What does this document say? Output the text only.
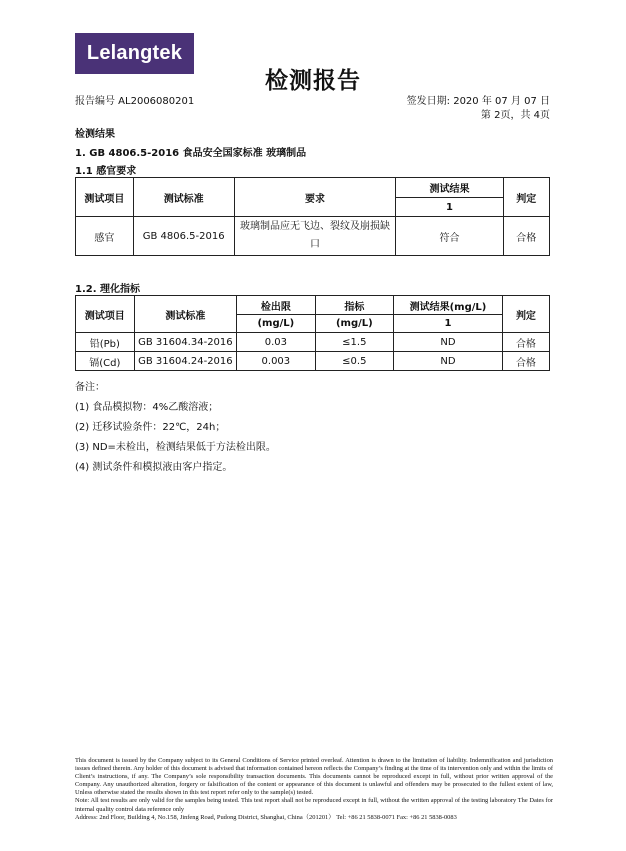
Lelangtek
检测报告
报告编号 AL2006080201	签发日期: 2020 年 07 月 07 日
第 2页，共 4页
检测结果
1. GB 4806.5-2016 食品安全国家标准 玻璃制品
1.1 感官要求
测试项目	测试标准	要求	测试结果	判定
			1	
感官	GB 4806.5-2016	玻璃制品应无飞边、裂纹及崩损缺口	符合	合格
1.2. 理化指标
测试项目	测试标准	检出限	指标	测试结果(mg/L)	判定
		(mg/L)	(mg/L)	1	
铅(Pb)	GB 31604.34-2016	0.03	≤1.5	ND	合格
镉(Cd)	GB 31604.24-2016	0.003	≤0.5	ND	合格
备注：
(1) 食品模拟物：4%乙酸溶液；
(2) 迁移试验条件：22℃，24h；
(3) ND=未检出，检测结果低于方法检出限。
(4) 测试条件和模拟液由客户指定。

This document is issued by the Company subject to its General Conditions of Service printed overleaf. Attention is drawn to the limitation of liability. Indemnification and jurisdiction issues defined therein. Any holder of this document is advised that information contained hereon reflects the Company’s finding at the time of its intervention only and within the limits of Client’s instructions, if any. The Company’s sole responsibility transaction documents. This documents cannot be reproduced except in full, without prior written approval of the Company. Any unauthorized alteration, forgery or falsification of the content or appearance of this document is unlawful and offenders may be prosecuted to the fullest extent of law, Unless otherwise stated the results shown in this test report refer only to the sample(s) tested.

Note: All test results are only valid for the samples being tested. This test report shall not be reproduced except in full, without the written approval of the testing laboratory The Dates for internal quality control data reference only

Address: 2nd Floor, Building 4, No.158, Jinfeng Road, Pudong District, Shanghai, China（201201） Tel: +86 21 5838-0071 Fax: +86 21 5838-0083
